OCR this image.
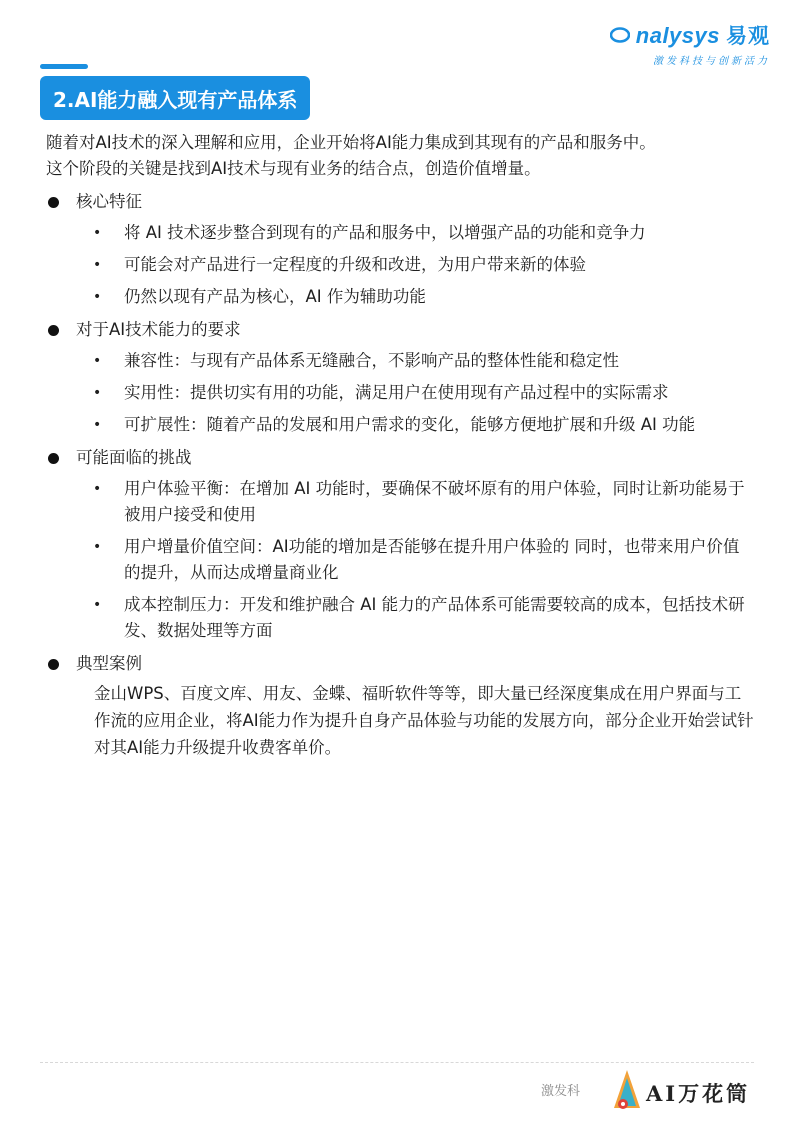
nalysys 易观
激发科技与创新活力
2.AI能力融入现有产品体系
随着对AI技术的深入理解和应用，企业开始将AI能力集成到其现有的产品和服务中。
这个阶段的关键是找到AI技术与现有业务的结合点，创造价值增量。
核心特征
• 将 AI 技术逐步整合到现有的产品和服务中，以增强产品的功能和竞争力
• 可能会对产品进行一定程度的升级和改进，为用户带来新的体验
• 仍然以现有产品为核心，AI 作为辅助功能
对于AI技术能力的要求
• 兼容性：与现有产品体系无缝融合，不影响产品的整体性能和稳定性
• 实用性：提供切实有用的功能，满足用户在使用现有产品过程中的实际需求
• 可扩展性：随着产品的发展和用户需求的变化，能够方便地扩展和升级 AI 功能
可能面临的挑战
• 用户体验平衡：在增加 AI 功能时，要确保不破坏原有的用户体验，同时让新功能易于被用户接受和使用
• 用户增量价值空间：AI功能的增加是否能够在提升用户体验的 同时，也带来用户价值的提升，从而达成增量商业化
• 成本控制压力：开发和维护融合 AI 能力的产品体系可能需要较高的成本，包括技术研发、数据处理等方面
典型案例
金山WPS、百度文库、用友、金蝶、福昕软件等等，即大量已经深度集成在用户界面与工作流的应用企业，将AI能力作为提升自身产品体验与功能的发展方向，部分企业开始尝试针对其AI能力升级提升收费客单价。
激发科	AI万花筒
